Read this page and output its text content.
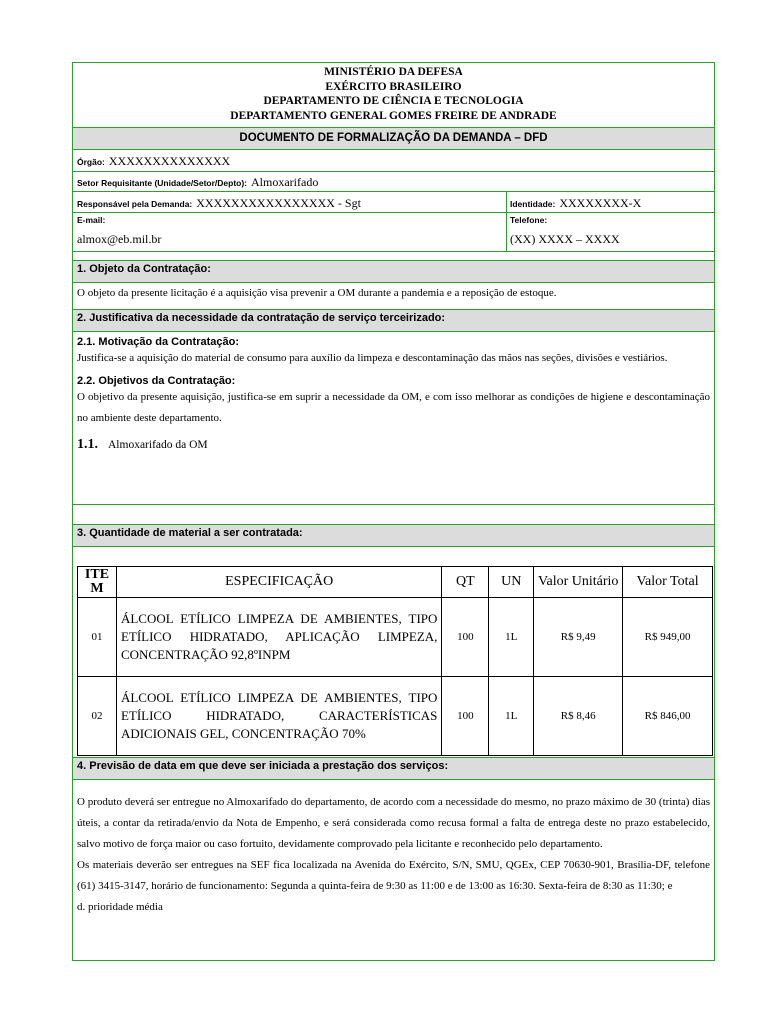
MINISTÉRIO DA DEFESA
EXÉRCITO BRASILEIRO
DEPARTAMENTO DE CIÊNCIA E TECNOLOGIA
DEPARTAMENTO GENERAL GOMES FREIRE DE ANDRADE
DOCUMENTO DE FORMALIZAÇÃO DA DEMANDA – DFD
Órgão: XXXXXXXXXXXXXX
Setor Requisitante (Unidade/Setor/Depto): Almoxarifado
Responsável pela Demanda: XXXXXXXXXXXXXXXX - Sgt	Identidade: XXXXXXXX-X
E-mail:
almox@eb.mil.br
Telefone:
(XX) XXXX – XXXX
1. Objeto da Contratação:
O objeto da presente licitação é a aquisição visa prevenir a OM durante a pandemia e a reposição de estoque.
2. Justificativa da necessidade da contratação de serviço terceirizado:
2.1. Motivação da Contratação:
Justifica-se a aquisição do material de consumo para auxílio da limpeza e descontaminação das mãos nas seções, divisões e vestiários.
2.2. Objetivos da Contratação:
O objetivo da presente aquisição, justifica-se em suprir a necessidade da OM, e com isso melhorar as condições de higiene e descontaminação no ambiente deste departamento.
1.1. Almoxarifado da OM
3. Quantidade de material a ser contratada:
ITE M	ESPECIFICAÇÃO	QT	UN	Valor Unitário	Valor Total
01	ÁLCOOL ETÍLICO LIMPEZA DE AMBIENTES, TIPO ETÍLICO HIDRATADO, APLICAÇÃO LIMPEZA, CONCENTRAÇÃO 92,8ºINPM	100	1L	R$ 9,49	R$ 949,00
02	ÁLCOOL ETÍLICO LIMPEZA DE AMBIENTES, TIPO ETÍLICO HIDRATADO, CARACTERÍSTICAS ADICIONAIS GEL, CONCENTRAÇÃO 70%	100	1L	R$ 8,46	R$ 846,00
4. Previsão de data em que deve ser iniciada a prestação dos serviços:
O produto deverá ser entregue no Almoxarifado do departamento, de acordo com a necessidade do mesmo, no prazo máximo de 30 (trinta) dias úteis, a contar da retirada/envio da Nota de Empenho, e será considerada como recusa formal a falta de entrega deste no prazo estabelecido, salvo motivo de força maior ou caso fortuito, devidamente comprovado pela licitante e reconhecido pelo departamento.
Os materiais deverão ser entregues na SEF fica localizada na Avenida do Exército, S/N, SMU, QGEx, CEP 70630-901, Brasília-DF, telefone (61) 3415-3147, horário de funcionamento: Segunda a quinta-feira de 9:30 as 11:00 e de 13:00 as 16:30. Sexta-feira de 8:30 as 11:30; e
d. prioridade média
